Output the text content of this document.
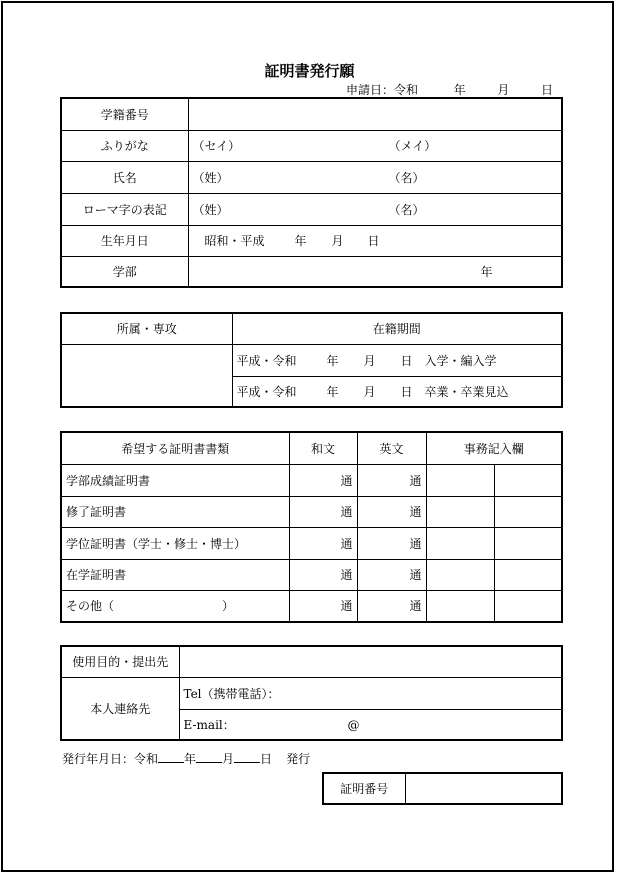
証明書発行願
申請日：令和	年	月	日
学籍番号	
ふりがな	（セイ） （メイ）
氏名	（姓） （名）
ローマ字の表記	（姓） （名）
生年月日	昭和・平成 年 月 日
学部	年
所属・専攻	在籍期間
	平成・令和 年 月 日 入学・編入学
	平成・令和 年 月 日 卒業・卒業見込
希望する証明書書類	和文	英文	事務記入欄	
学部成績証明書	通	通		
修了証明書	通	通		
学位証明書（学士・修士・博士）	通	通		
在学証明書	通	通		
その他（　　　　　　　　　）	通	通		
使用目的・提出先	
本人連絡先	Tel（携帯電話）：
	E-mail： @
発行年月日：令和 年 月 日 発行
証明番号	
